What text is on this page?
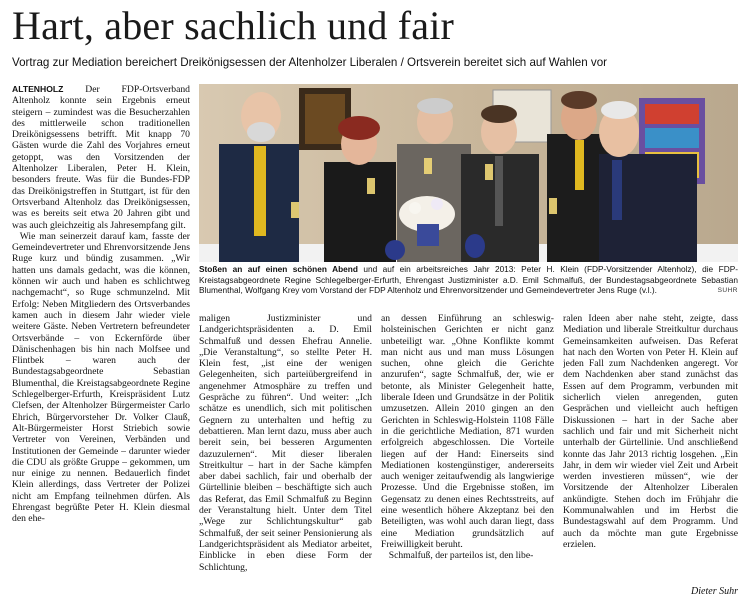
Hart, aber sachlich und fair
Vortrag zur Mediation bereichert Dreikönigsessen der Altenholzer Liberalen / Ortsverein bereitet sich auf Wahlen vor

ALTENHOLZ Der FDP-Ortsverband Altenholz konnte sein Ergebnis erneut steigern – zumindest was die Besucherzahlen des mittlerweile schon traditionellen Dreikönigsessens betrifft. Mit knapp 70 Gästen wurde die Zahl des Vorjahres erneut getoppt, was den Vorsitzenden der Altenholzer Liberalen, Peter H. Klein, besonders freute. Was für die Bundes-FDP das Dreikönigstreffen in Stuttgart, ist für den Ortsverband Altenholz das Dreikönigsessen, was es bereits seit etwa 20 Jahren gibt und was auch gleichzeitig als Jahresempfang gilt.

Wie man seinerzeit darauf kam, fasste der Gemeindevertreter und Ehrenvorsitzende Jens Ruge kurz und bündig zusammen. „Wir hatten uns damals gedacht, was die können, können wir auch und haben es schlichtweg nachgemacht“, so Ruge schmunzelnd. Mit Erfolg: Neben Mitgliedern des Ortsverbandes kamen auch in diesem Jahr wieder viele weitere Gäste. Neben Vertretern befreundeter Ortsverbände – von Eckernförde über Dänischenhagen bis hin nach Molfsee und Flintbek – waren auch der Bundestagsabgeordnete Sebastian Blumenthal, die Kreistagsabgeordnete Regine Schlegelberger-Erfurth, Kreispräsident Lutz Clefsen, der Altenholzer Bürgermeister Carlo Ehrich, Bürgervorsteher Dr. Volker Clauß, Alt-Bürgermeister Horst Striebich sowie Vertreter von Vereinen, Verbänden und Institutionen der Gemeinde – darunter wieder die CDU als größte Gruppe – gekommen, um nur einige zu nennen. Bedauerlich findet Klein allerdings, dass Vertreter der Polizei nicht am Empfang teilnehmen dürfen. Als Ehrengast begrüßte Peter H. Klein diesmal den ehe-

Stoßen an auf einen schönen Abend und auf ein arbeitsreiches Jahr 2013: Peter H. Klein (FDP-Vorsitzender Altenholz), die FDP-Kreistagsabgeordnete Regine Schlegelberger-Erfurth, Ehrengast Justizminister a.D. Emil Schmalfuß, der Bundestagsabgeordnete Sebastian Blumenthal, Wolfgang Krey vom Vorstand der FDP Altenholz und Ehrenvorsitzender und Gemeindevertreter Jens Ruge (v.l.).	SUHR

maligen Justizminister und Landgerichtspräsidenten a. D. Emil Schmalfuß und dessen Ehefrau Annelie. „Die Veranstaltung“, so stellte Peter H. Klein fest, „ist eine der wenigen Gelegenheiten, sich parteiübergreifend in angenehmer Atmosphäre zu treffen und Gespräche zu führen“. Und weiter: „Ich schätze es unendlich, sich mit politischen Gegnern zu unterhalten und heftig zu debattieren. Man lernt dazu, muss aber auch bereit sein, bei besseren Argumenten dazuzulernen“. Mit dieser liberalen Streitkultur – hart in der Sache kämpfen aber dabei sachlich, fair und oberhalb der Gürtellinie bleiben – beschäftigte sich auch das Referat, das Emil Schmalfuß zu Beginn der Veranstaltung hielt. Unter dem Titel „Wege zur Schlichtungskultur“ gab Schmalfuß, der seit seiner Pensionierung als Landgerichtspräsident als Mediator arbeitet, Einblicke in eben diese Form der Schlichtung,

an dessen Einführung an schleswig-holsteinischen Gerichten er nicht ganz unbeteiligt war. „Ohne Konflikte kommt man nicht aus und man muss Lösungen suchen, ohne gleich die Gerichte anzurufen“, sagte Schmalfuß, der, wie er betonte, als Minister Gelegenheit hatte, liberale Ideen und Grundsätze in der Politik umzusetzen. Allein 2010 gingen an den Gerichten in Schleswig-Holstein 1108 Fälle in die gerichtliche Mediation, 871 wurden erfolgreich abgeschlossen. Die Vorteile liegen auf der Hand: Einerseits sind Mediationen kostengünstiger, andererseits auch weniger zeitaufwendig als langwierige Prozesse. Und die Ergebnisse stoßen, im Gegensatz zu denen eines Rechtsstreits, auf eine wesentlich höhere Akzeptanz bei den Beteiligten, was wohl auch daran liegt, dass eine Mediation grundsätzlich auf Freiwilligkeit beruht.

Schmalfuß, der parteilos ist, den libe-

ralen Ideen aber nahe steht, zeigte, dass Mediation und liberale Streitkultur durchaus Gemeinsamkeiten aufweisen. Das Referat hat nach den Worten von Peter H. Klein auf jeden Fall zum Nachdenken angeregt. Vor dem Nachdenken aber stand zunächst das Essen auf dem Programm, verbunden mit sicherlich vielen anregenden, guten Gesprächen und vielleicht auch heftigen Diskussionen – hart in der Sache aber sachlich und fair und mit Sicherheit nicht unterhalb der Gürtellinie. Und anschließend konnte das Jahr 2013 richtig losgehen. „Ein Jahr, in dem wir wieder viel Zeit und Arbeit werden investieren müssen“, wie der Vorsitzende der Altenholzer Liberalen ankündigte. Stehen doch im Frühjahr die Kommunalwahlen und im Herbst die Bundestagswahl auf dem Programm. Und auch da möchte man gute Ergebnisse erzielen.

Dieter Suhr
